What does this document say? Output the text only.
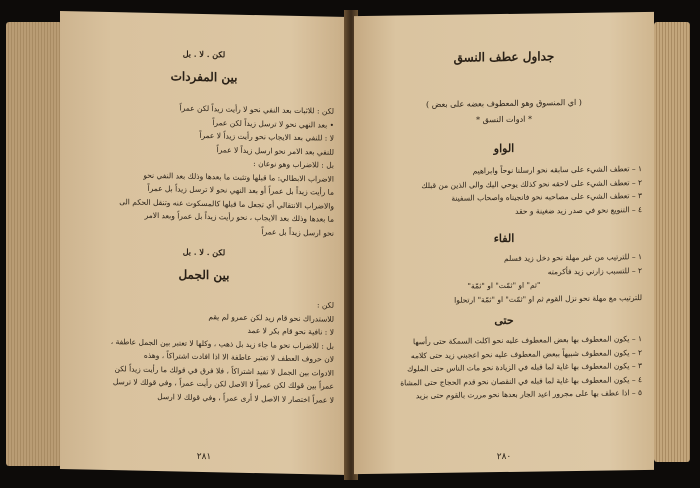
لكن . لا . بل
بين المفردات
لكن : للاثبات بعد النفي نحو لا رأيت زيداً لكن عمراً
• بعد النهي نحو لا ترسل زيداً لكن عمراً
لا : للنفي بعد الايجاب نحو رأيت زيداً لا عمراً
للنفي بعد الامر نحو ارسل زيداً لا عمراً
بل : للاضراب وهو نوعان :
الاضراب الابطالي: ما قبلها وتثبت ما بعدها وذلك بعد النفي نحو
ما رأيت زيداً بل عمراً أو بعد النهي نحو لا ترسل زيداً بل عمراً
والاضراب الانتقالي أي تجعل ما قبلها كالمسكوت عنه وتنقل الحكم الى
ما بعدها وذلك بعد الايجاب ، نحو رأيت زيداً بل عمراً وبعد الامر
نحو ارسل زيداً بل عمراً
لكن . لا . بل
بين الجمل
لكن :
للاستدراك نحو قام زيد لكن عمرو لم يقم
لا : نافية نحو قام بكر لا عمد
بل : للاضراب نحو ما جاء زيد بل ذهب ، وكلها لا تعتبر بين الجمل عاطفة ،
لان حروف العطف لا تعتبر عاطفة الا اذا افادت اشتراكاً ، وهذه
الادوات بين الجمل لا تفيد اشتراكاً ، فلا فرق في قولك ما رأيت زيداً لكن
عمراً بين قولك لكن عمراً لا الاصل لكن رأيت عمراً ، وفي قولك لا ترسل
لا عمراً اختصار لا الاصل لا أرى عمراً ، وفي قولك لا ارسل
٢٨١
جداول عطف النسق
( اي المنسوق وهو المعطوف بعضه على بعض )
* ادوات النسق *
الواو
١ – تعطف الشيء على سابقه نحو ارسلنا نوحاً وابراهيم
٢ – تعطف الشيء على لاحقه نحو كذلك يوحي اليك والى الذين من قبلك
٣ – تعطف الشيء على مصاحبه نحو فانجيناه واصحاب السفينة
٤ – التنويع نحو في صدر زيد ضغينة و حقد
الفاء
١ – للترتيب من غير مهلة نحو دخل زيد فسلم
٢ – للتسبب زارني زيد فأكرمته
"ثم" او "ثمّت" او "ثمّة"
للترتيب مع مهلة نحو نزل القوم ثم او "ثمّت" او "ثمّة" ارتحلوا
حتى
١ – يكون المعطوف بها بعض المعطوف عليه نحو اكلت السمكة حتى رأسها
٢ – يكون المعطوف شبيهاً ببعض المعطوف عليه نحو اعجبني زيد حتى كلامه
٣ – يكون المعطوف بها غاية لما قبله في الزيادة نحو مات الناس حتى الملوك
٤ – يكون المعطوف بها غاية لما قبله في النقصان نحو قدم الحجاج حتى المشاة
٥ – اذا عطف بها على مجرور اعيد الجار بعدها نحو مررت بالقوم حتى بزيد
٢٨٠
